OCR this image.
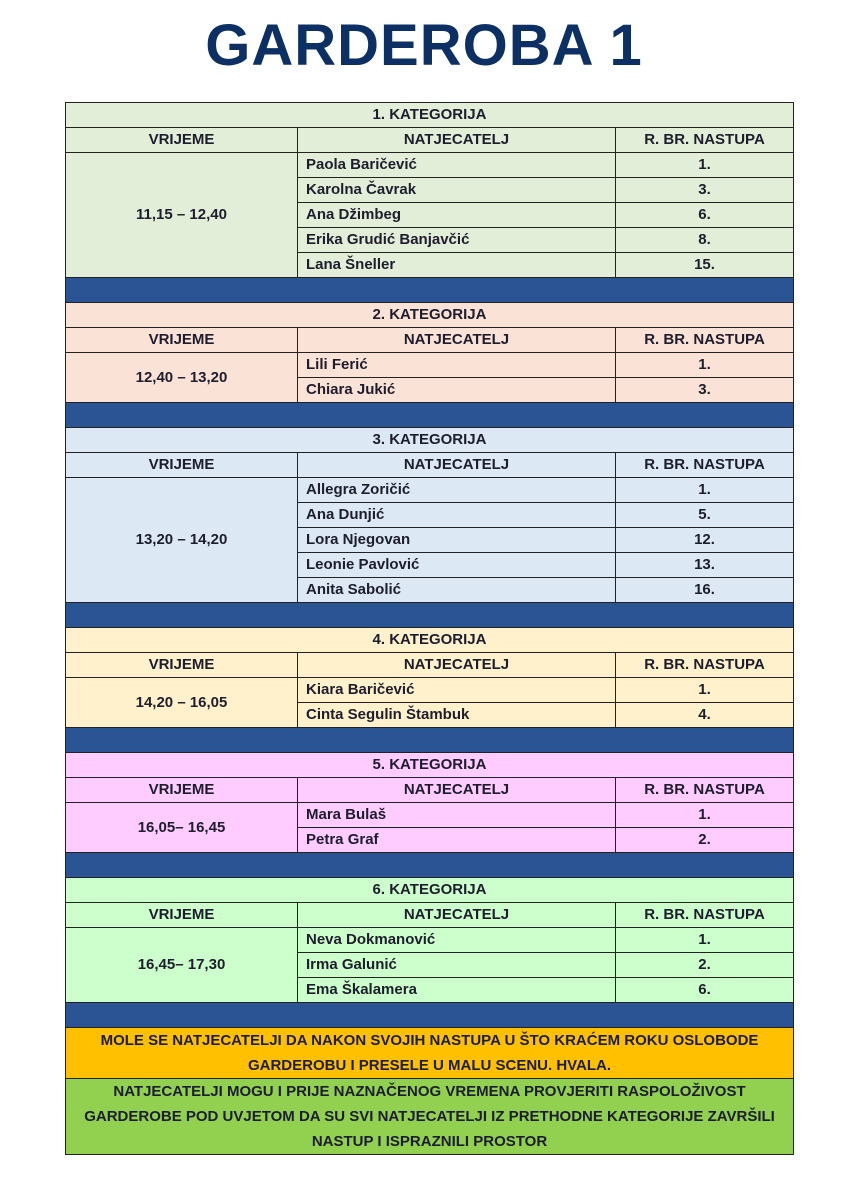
GARDEROBA 1
1. KATEGORIJA		
VRIJEME	NATJECATELJ	R. BR. NASTUPA
11,15 – 12,40	Paola Baričević	1.
	Karolna Čavrak	3.
	Ana Džimbeg	6.
	Erika Grudić Banjavčić	8.
	Lana Šneller	15.

2. KATEGORIJA		
VRIJEME	NATJECATELJ	R. BR. NASTUPA
12,40 – 13,20	Lili Ferić	1.
	Chiara Jukić	3.

3. KATEGORIJA		
VRIJEME	NATJECATELJ	R. BR. NASTUPA
13,20 – 14,20	Allegra Zoričić	1.
	Ana Dunjić	5.
	Lora Njegovan	12.
	Leonie Pavlović	13.
	Anita Sabolić	16.

4. KATEGORIJA		
VRIJEME	NATJECATELJ	R. BR. NASTUPA
14,20 – 16,05	Kiara Baričević	1.
	Cinta Segulin Štambuk	4.

5. KATEGORIJA		
VRIJEME	NATJECATELJ	R. BR. NASTUPA
16,05– 16,45	Mara Bulaš	1.
	Petra Graf	2.

6. KATEGORIJA		
VRIJEME	NATJECATELJ	R. BR. NASTUPA
16,45– 17,30	Neva Dokmanović	1.
	Irma Galunić	2.
	Ema Škalamera	6.

MOLE SE NATJECATELJI DA NAKON SVOJIH NASTUPA U ŠTO KRAĆEM ROKU OSLOBODE GARDEROBU I PRESELE U MALU SCENU. HVALA.		
NATJECATELJI MOGU I PRIJE NAZNAČENOG VREMENA PROVJERITI RASPOLOŽIVOST GARDEROBE POD UVJETOM DA SU SVI NATJECATELJI IZ PRETHODNE KATEGORIJE ZAVRŠILI NASTUP I ISPRAZNILI PROSTOR		
